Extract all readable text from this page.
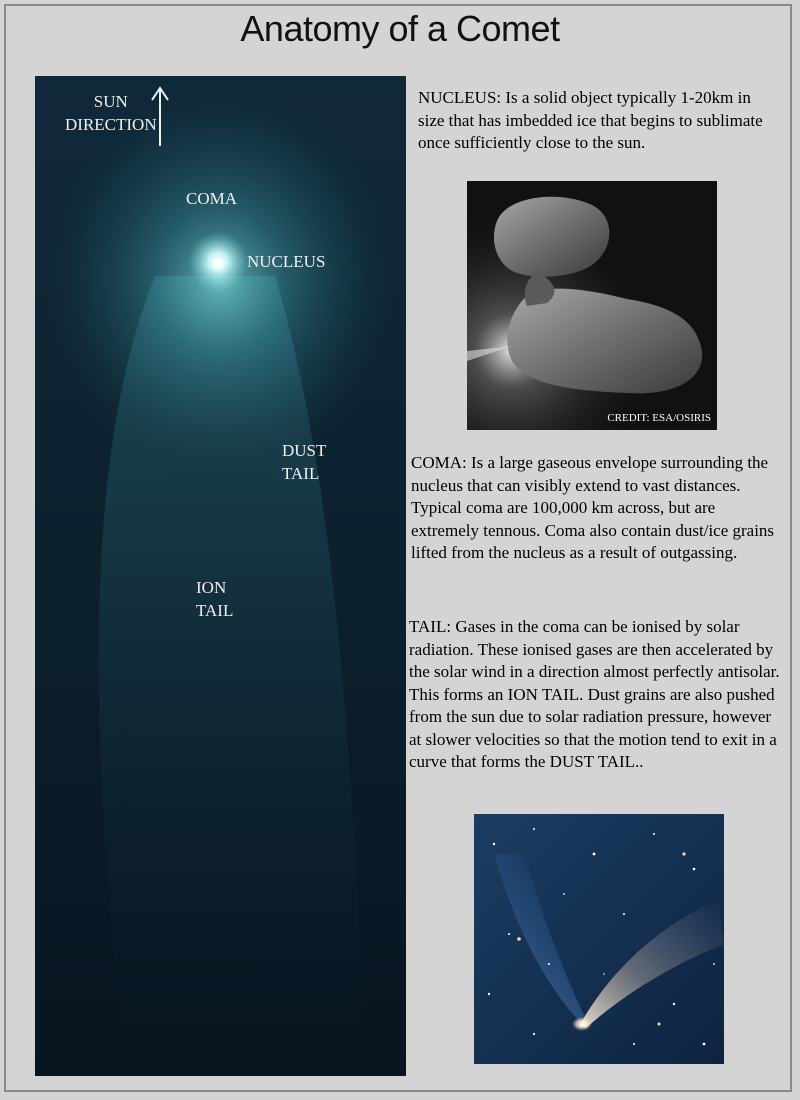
Anatomy of a Comet
SUN
DIRECTION
COMA
NUCLEUS
DUST
TAIL
ION
TAIL
NUCLEUS: Is a solid object typically 1-20km in size that has imbedded ice that begins to sublimate once sufficiently close to the sun.
CREDIT: ESA/OSIRIS
COMA: Is a large gaseous envelope surrounding the nucleus that can visibly extend to vast distances. Typical coma are 100,000 km across, but are extremely tennous. Coma also contain dust/ice grains lifted from the nucleus as a result of outgassing.
TAIL: Gases in the coma can be ionised by solar radiation. These ionised gases are then accelerated by the solar wind in a direction almost perfectly antisolar. This forms an ION TAIL. Dust grains are also pushed from the sun due to solar radiation pressure, however at slower velocities so that the motion tend to exit in a curve that forms the DUST TAIL..
